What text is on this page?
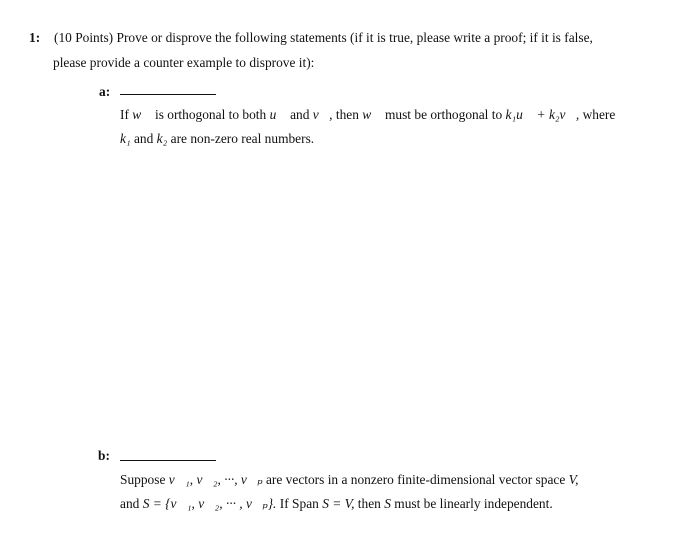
1: (10 Points) Prove or disprove the following statements (if it is true, please write a proof; if it is false,
please provide a counter example to disprove it):
a:
If w⃗ is orthogonal to both u⃗ and v⃗, then w⃗ must be orthogonal to k₁u⃗ + k₂v⃗, where
k₁ and k₂ are non-zero real numbers.
b:
Suppose v⃗₁, v⃗₂, ···, v⃗ₚ are vectors in a nonzero finite-dimensional vector space V,
and S = {v⃗₁, v⃗₂, ··· , v⃗ₚ}. If Span S = V, then S must be linearly independent.
